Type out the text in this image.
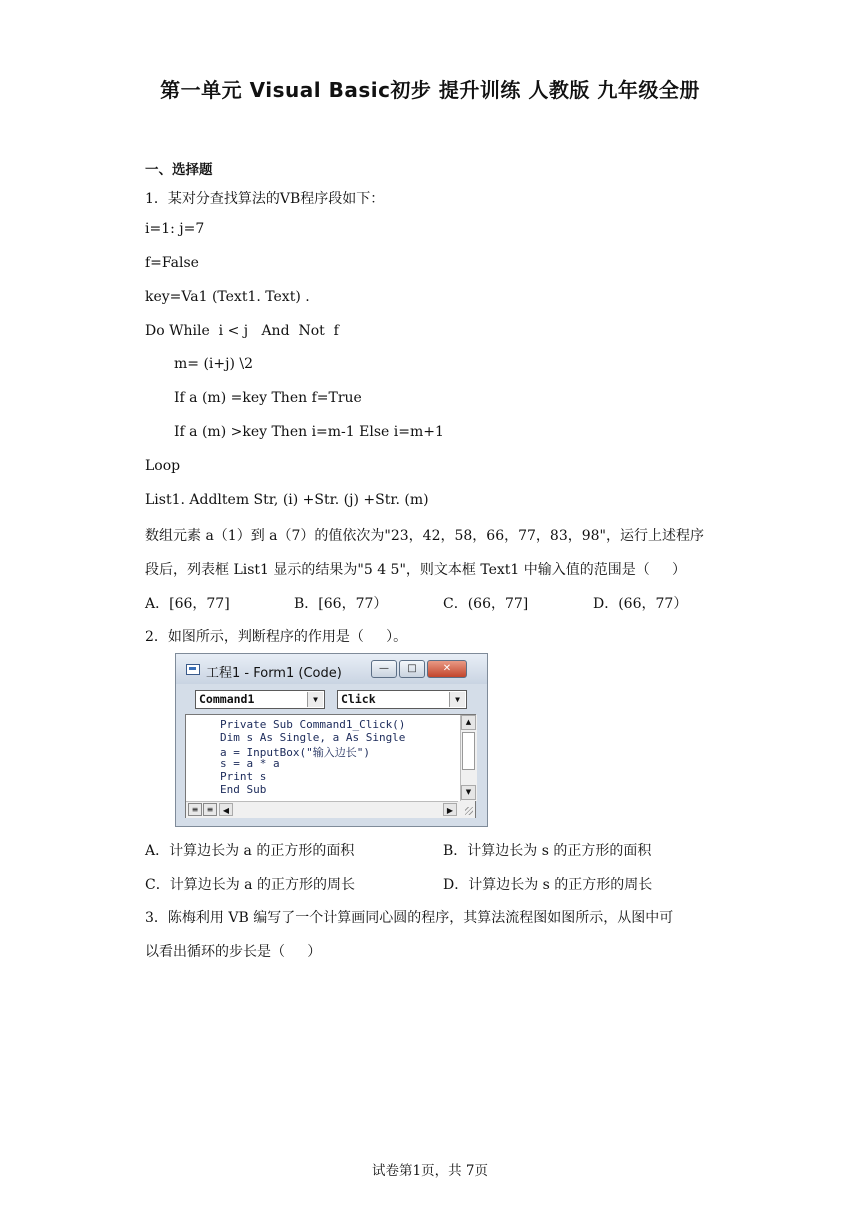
第一单元 Visual Basic初步 提升训练 人教版 九年级全册
一、选择题
1．某对分查找算法的VB程序段如下：
i=1: j=7
f=False
key=Va1 (Text1. Text) .
Do While  i < j   And  Not  f
m= (i+j) \2
If a (m) =key Then f=True
If a (m) >key Then i=m-1 Else i=m+1
Loop
List1. Addltem Str, (i) +Str. (j) +Str. (m)
数组元素 a（1）到 a（7）的值依次为"23，42，58，66，77，83，98"，运行上述程序
段后，列表框 List1 显示的结果为"5 4 5"，则文本框 Text1 中输入值的范围是（     ）
A．[66，77]	B．[66，77）	C．(66，77]	D．(66，77）
2．如图所示，判断程序的作用是（     ）。
工程1 - Form1 (Code)	—	□	✕
Command1	▼	Click	▼
Private Sub Command1_Click()
Dim s As Single, a As Single
a = InputBox("输入边长")
s = a * a
Print s
End Sub
▲
▼
≡	≡	◀	▶
A．计算边长为 a 的正方形的面积	B．计算边长为 s 的正方形的面积
C．计算边长为 a 的正方形的周长	D．计算边长为 s 的正方形的周长
3．陈梅利用 VB 编写了一个计算画同心圆的程序，其算法流程图如图所示，从图中可
以看出循环的步长是（     ）
试卷第1页，共 7页
